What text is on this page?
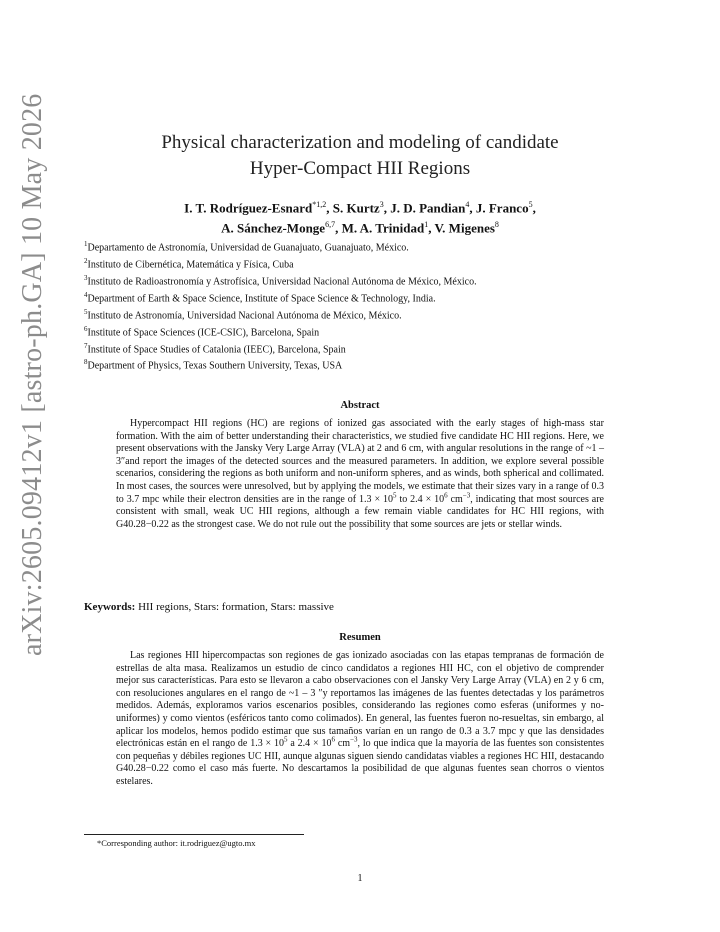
arXiv:2605.09412v1 [astro-ph.GA] 10 May 2026	Physical characterization and modeling of candidate
Hyper-Compact HII Regions
I. T. Rodríguez-Esnard$^{*1,2}$, S. Kurtz$^3$, J. D. Pandian$^4$, J. Franco$^5$,
A. Sánchez-Monge$^{6,7}$, M. A. Trinidad$^1$, V. Migenes$^8$
$^1$Departamento de Astronomía, Universidad de Guanajuato, Guanajuato, México.
$^2$Instituto de Cibernética, Matemática y Física, Cuba
$^3$Instituto de Radioastronomía y Astrofísica, Universidad Nacional Autónoma de México, México.
$^4$Department of Earth & Space Science, Institute of Space Science & Technology, India.
$^5$Instituto de Astronomía, Universidad Nacional Autónoma de México, México.
$^6$Institute of Space Sciences (ICE-CSIC), Barcelona, Spain
$^7$Institute of Space Studies of Catalonia (IEEC), Barcelona, Spain
$^8$Department of Physics, Texas Southern University, Texas, USA
Abstract
Hypercompact HII regions (HC) are regions of ionized gas associated with the early stages of high-mass star formation. With the aim of better understanding their characteristics, we studied five candidate HC HII regions. Here, we present observations with the Jansky Very Large Array (VLA) at 2 and 6 cm, with angular resolutions in the range of ~1 – 3″and report the images of the detected sources and the measured parameters. In addition, we explore several possible scenarios, considering the regions as both uniform and non-uniform spheres, and as winds, both spherical and collimated. In most cases, the sources were unresolved, but by applying the models, we estimate that their sizes vary in a range of 0.3 to 3.7 mpc while their electron densities are in the range of $1.3 \times 10^5$ to $2.4 \times 10^6$ $cm^{-3}$, indicating that most sources are consistent with small, weak UC HII regions, although a few remain viable candidates for HC HII regions, with G40.28−0.22 as the strongest case. We do not rule out the possibility that some sources are jets or stellar winds.
Keywords: HII regions, Stars: formation, Stars: massive
Resumen
Las regiones HII hipercompactas son regiones de gas ionizado asociadas con las etapas tempranas de formación de estrellas de alta masa. Realizamos un estudio de cinco candidatos a regiones HII HC, con el objetivo de comprender mejor sus características. Para esto se llevaron a cabo observaciones con el Jansky Very Large Array (VLA) en 2 y 6 cm, con resoluciones angulares en el rango de ~1 – 3 ″y reportamos las imágenes de las fuentes detectadas y los parámetros medidos. Además, exploramos varios escenarios posibles, considerando las regiones como esferas (uniformes y no-uniformes) y como vientos (esféricos tanto como colimados). En general, las fuentes fueron no-resueltas, sin embargo, al aplicar los modelos, hemos podido estimar que sus tamaños varían en un rango de 0.3 a 3.7 mpc y que las densidades electrónicas están en el rango de $1.3 \times 10^5$ a $2.4 \times 10^6$ $cm^{-3}$, lo que indica que la mayoría de las fuentes son consistentes con pequeñas y débiles regiones UC HII, aunque algunas siguen siendo candidatas viables a regiones HC HII, destacando G40.28−0.22 como el caso más fuerte. No descartamos la posibilidad de que algunas fuentes sean chorros o vientos estelares.
*Corresponding author: it.rodriguez@ugto.mx
1
